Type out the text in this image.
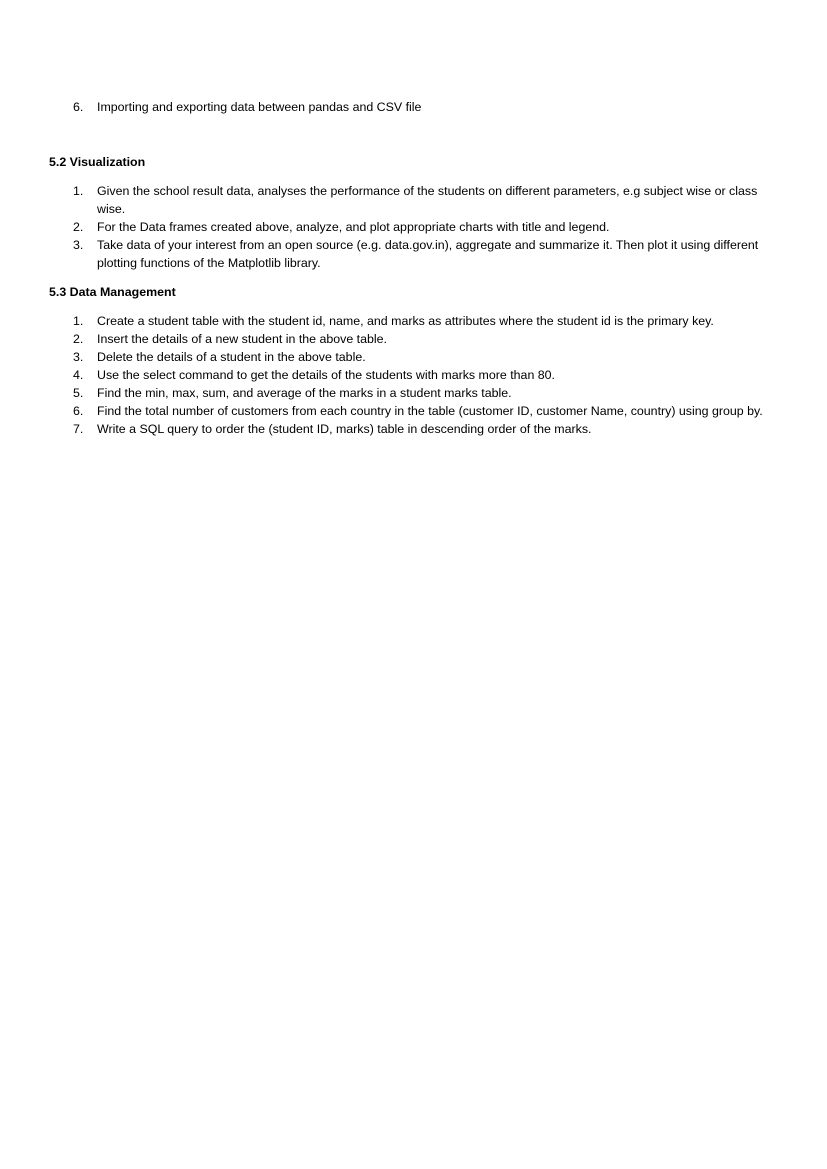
6.	Importing and exporting data between pandas and CSV file
5.2 Visualization
1.	Given the school result data, analyses the performance of the students on different parameters, e.g subject wise or class wise.
2.	For the Data frames created above, analyze, and plot appropriate charts with title and legend.
3.	Take data of your interest from an open source (e.g. data.gov.in), aggregate and summarize it. Then plot it using different plotting functions of the Matplotlib library.
5.3 Data Management
1.	Create a student table with the student id, name, and marks as attributes where the student id is the primary key.
2.	Insert the details of a new student in the above table.
3.	Delete the details of a student in the above table.
4.	Use the select command to get the details of the students with marks more than 80.
5.	Find the min, max, sum, and average of the marks in a student marks table.
6.	Find the total number of customers from each country in the table (customer ID, customer Name, country) using group by.
7.	Write a SQL query to order the (student ID, marks) table in descending order of the marks.
